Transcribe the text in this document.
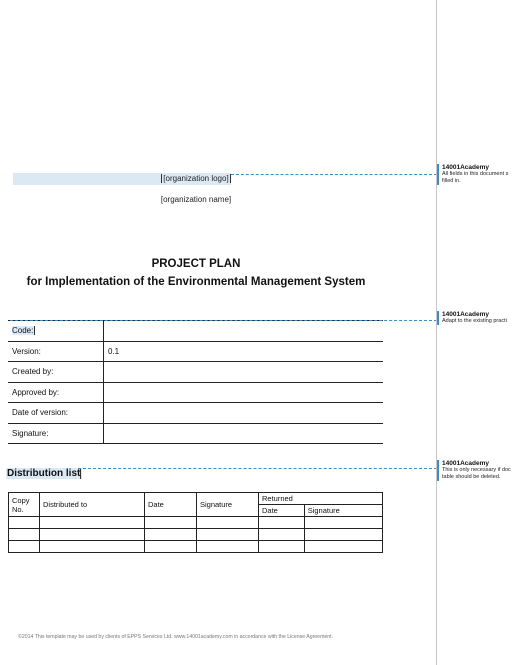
[organization logo]
[organization name]
PROJECT PLAN
for Implementation of the Environmental Management System
Code:	
Version:	0.1
Created by:	
Approved by:	
Date of version:	
Signature:	
Distribution list
Copy No.	Distributed to	Date	Signature	Returned	
				Date	Signature

©2014 This template may be used by clients of EPPS Services Ltd. www.14001academy.com in accordance with the License Agreement.
14001Academy
All fields in this document s
filled in.
14001Academy
Adapt to the existing practi
14001Academy
This is only necessary if doc
table should be deleted.
